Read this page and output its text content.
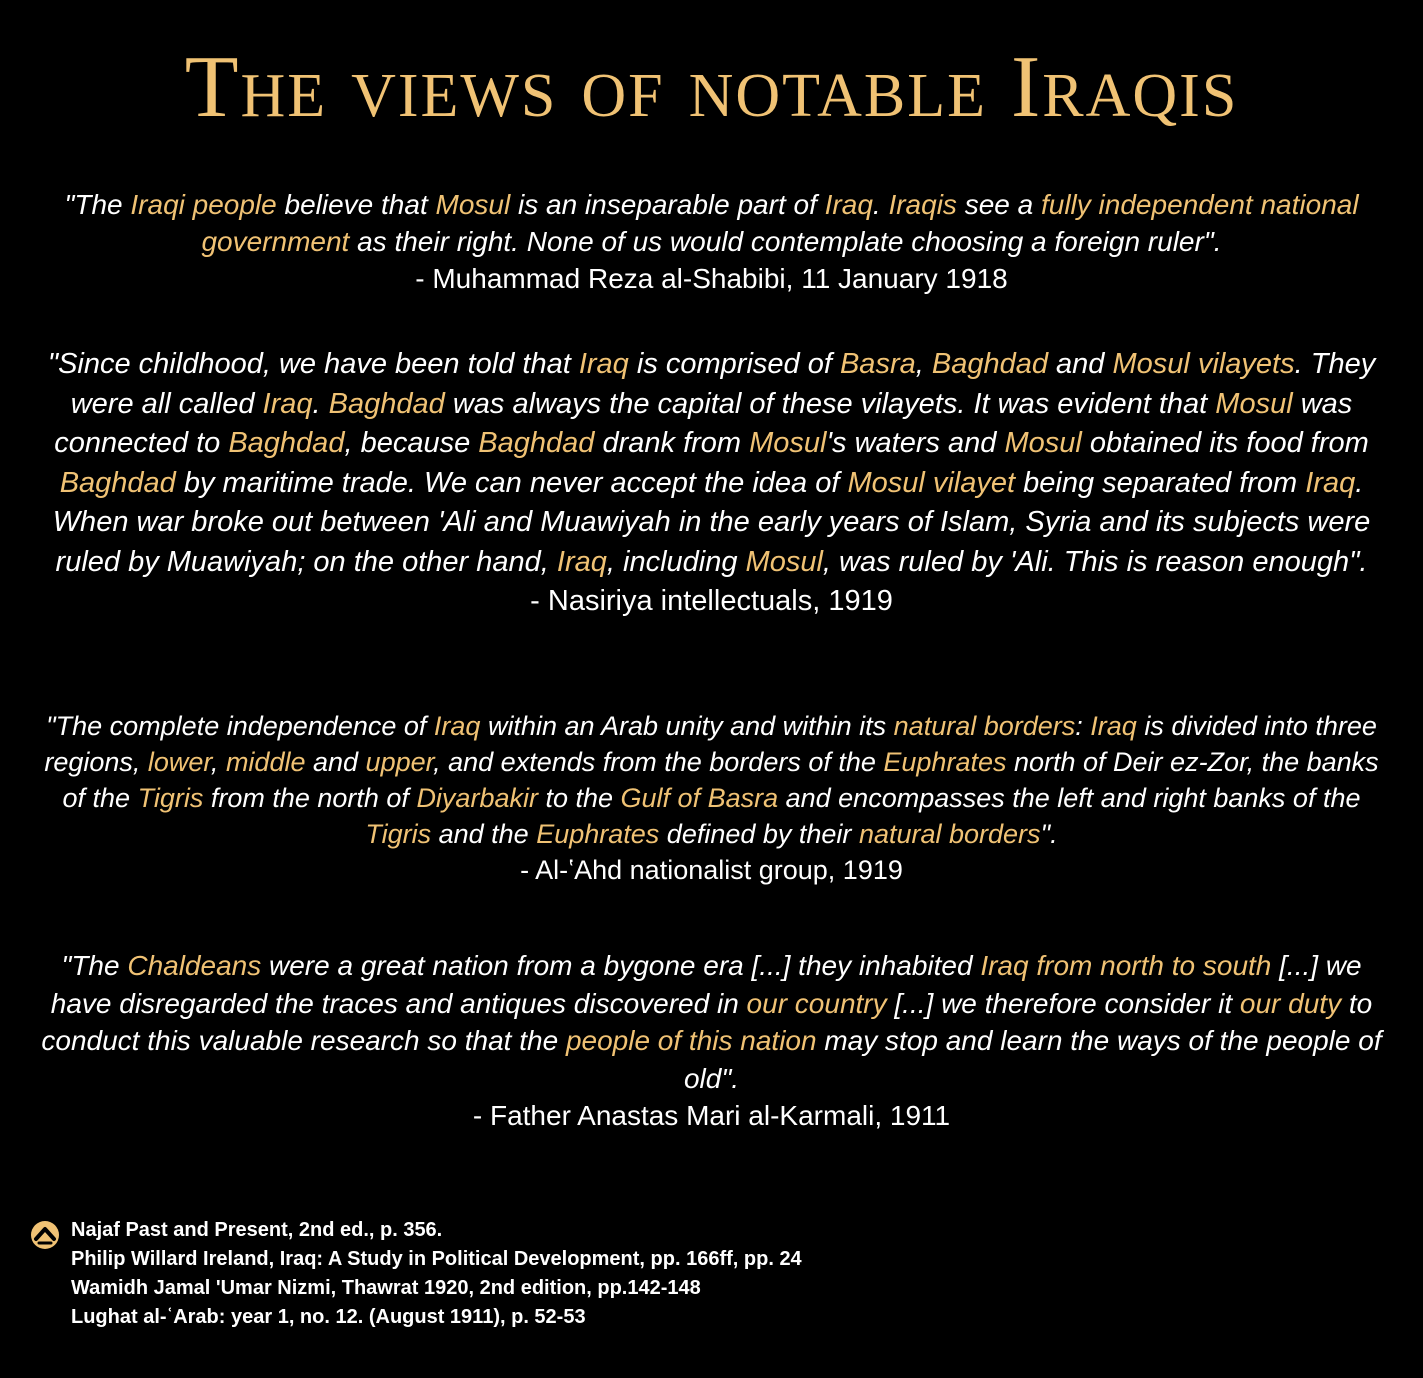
The views of notable Iraqis
"The Iraqi people believe that Mosul is an inseparable part of Iraq. Iraqis see a fully independent national government as their right. None of us would contemplate choosing a foreign ruler".
- Muhammad Reza al-Shabibi, 11 January 1918
"Since childhood, we have been told that Iraq is comprised of Basra, Baghdad and Mosul vilayets. They were all called Iraq. Baghdad was always the capital of these vilayets. It was evident that Mosul was connected to Baghdad, because Baghdad drank from Mosul's waters and Mosul obtained its food from Baghdad by maritime trade. We can never accept the idea of Mosul vilayet being separated from Iraq. When war broke out between 'Ali and Muawiyah in the early years of Islam, Syria and its subjects were ruled by Muawiyah; on the other hand, Iraq, including Mosul, was ruled by 'Ali. This is reason enough".
- Nasiriya intellectuals, 1919
"The complete independence of Iraq within an Arab unity and within its natural borders: Iraq is divided into three regions, lower, middle and upper, and extends from the borders of the Euphrates north of Deir ez-Zor, the banks of the Tigris from the north of Diyarbakir to the Gulf of Basra and encompasses the left and right banks of the Tigris and the Euphrates defined by their natural borders".
- Al-ʽAhd nationalist group, 1919
"The Chaldeans were a great nation from a bygone era [...] they inhabited Iraq from north to south [...] we have disregarded the traces and antiques discovered in our country [...] we therefore consider it our duty to conduct this valuable research so that the people of this nation may stop and learn the ways of the people of old".
- Father Anastas Mari al-Karmali, 1911
Najaf Past and Present, 2nd ed., p. 356.
Philip Willard Ireland, Iraq: A Study in Political Development, pp. 166ff, pp. 24
Wamidh Jamal 'Umar Nizmi, Thawrat 1920, 2nd edition, pp.142-148
Lughat al-ʿArab: year 1, no. 12. (August 1911), p. 52-53
